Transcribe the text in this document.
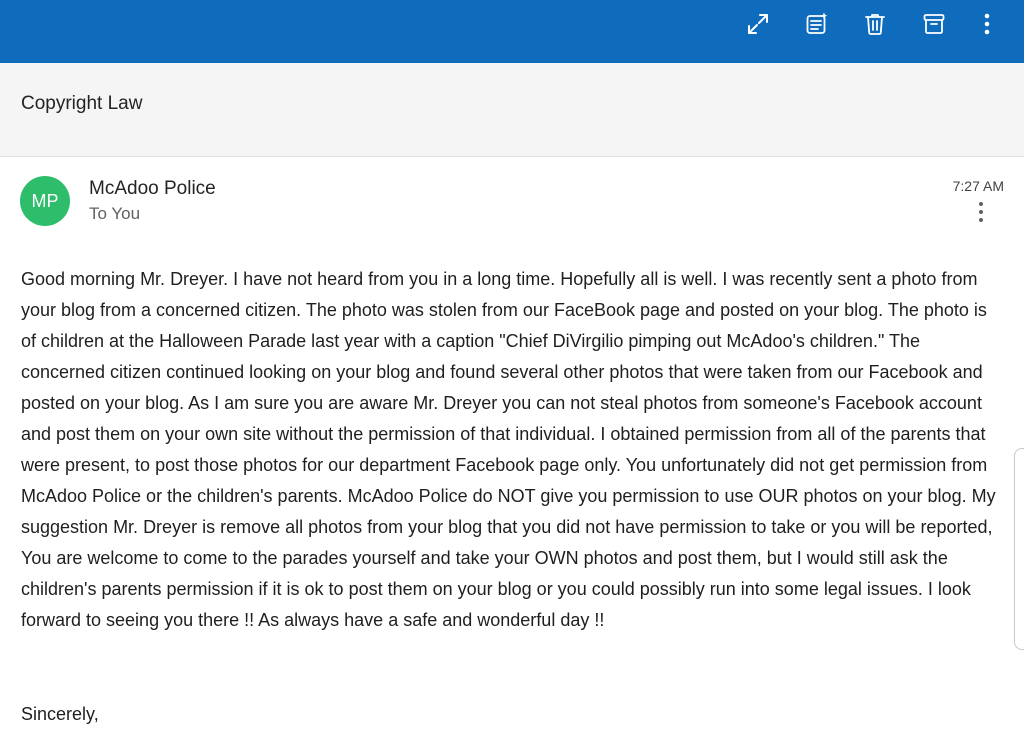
Copyright Law
MP
McAdoo Police
To You
7:27 AM

Good morning Mr. Dreyer. I have not heard from you in a long time. Hopefully all is well. I was recently sent a photo from your blog from a concerned citizen. The photo was stolen from our FaceBook page and posted on your blog. The photo is of children at the Halloween Parade last year with a caption "Chief DiVirgilio pimping out McAdoo's children." The concerned citizen continued looking on your blog and found several other photos that were taken from our Facebook and posted on your blog. As I am sure you are aware Mr. Dreyer you can not steal photos from someone's Facebook account and post them on your own site without the permission of that individual. I obtained permission from all of the parents that were present, to post those photos for our department Facebook page only. You unfortunately did not get permission from McAdoo Police or the children's parents. McAdoo Police do NOT give you permission to use OUR photos on your blog. My suggestion Mr. Dreyer is remove all photos from your blog that you did not have permission to take or you will be reported, You are welcome to come to the parades yourself and take your OWN photos and post them, but I would still ask the children's parents permission if it is ok to post them on your blog or you could possibly run into some legal issues. I look forward to seeing you there !! As always have a safe and wonderful day !!

Sincerely,
